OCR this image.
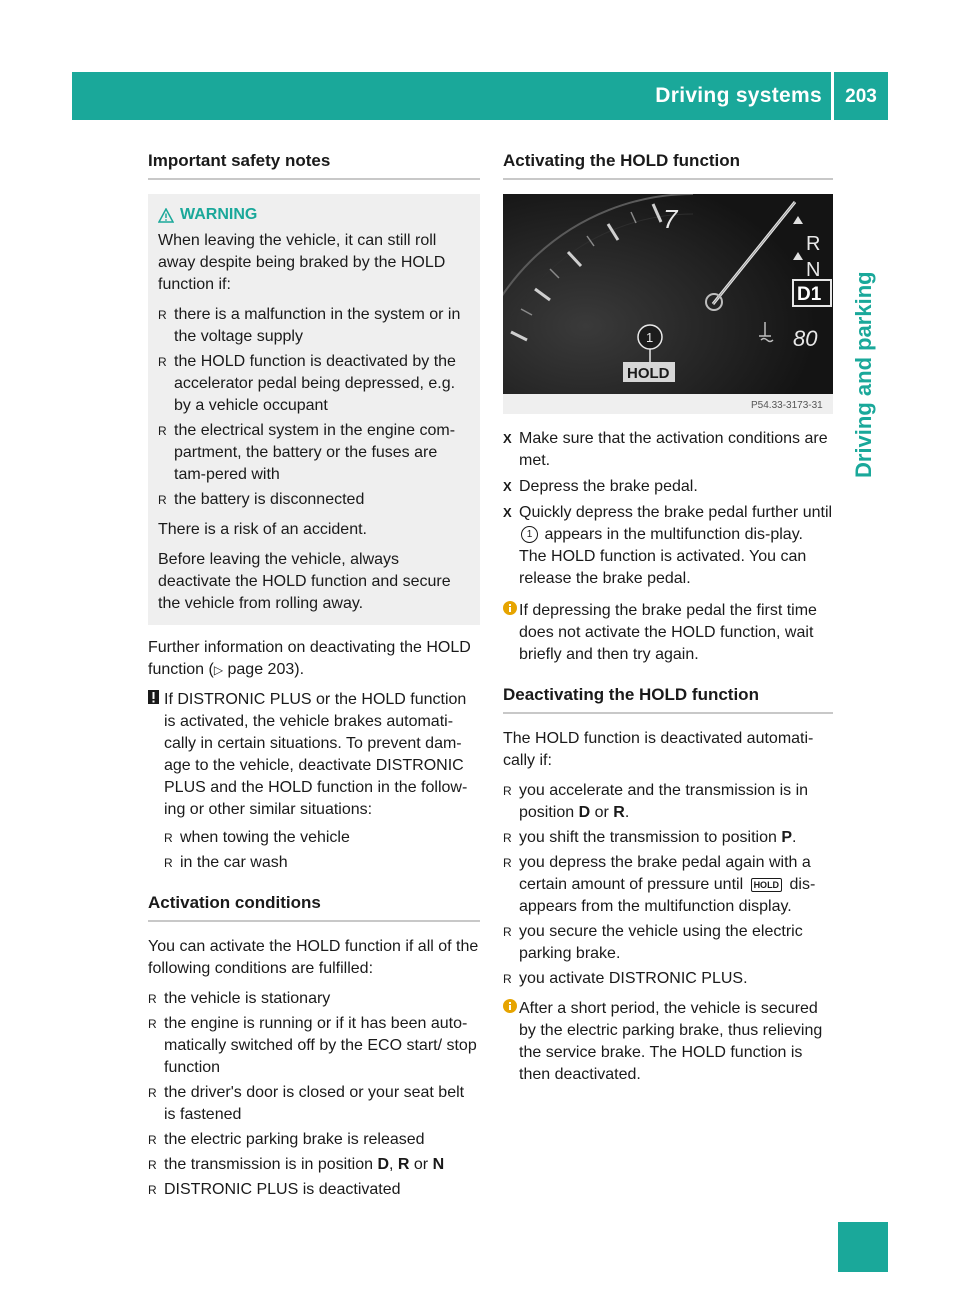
Driving systems	203
Driving and parking
Important safety notes
WARNING

When leaving the vehicle, it can still roll away despite being braked by the HOLD function if:

R there is a malfunction in the system or in the voltage supply
R the HOLD function is deactivated by the accelerator pedal being depressed, e.g. by a vehicle occupant
R the electrical system in the engine com-partment, the battery or the fuses are tam-pered with
R the battery is disconnected

There is a risk of an accident.

Before leaving the vehicle, always deactivate the HOLD function and secure the vehicle from rolling away.

Further information on deactivating the HOLD function (▷ page 203).

If DISTRONIC PLUS or the HOLD function is activated, the vehicle brakes automati-cally in certain situations. To prevent dam-age to the vehicle, deactivate DISTRONIC PLUS and the HOLD function in the follow-ing or other similar situations:

R when towing the vehicle
R in the car wash
Activation conditions

You can activate the HOLD function if all of the following conditions are fulfilled:

R the vehicle is stationary
R the engine is running or if it has been auto-matically switched off by the ECO start/ stop function
R the driver's door is closed or your seat belt is fastened
R the electric parking brake is released
R the transmission is in position D, R or N
R DISTRONIC PLUS is deactivated
Activating the HOLD function
7
R
N
D1
80
1
HOLD
P54.33-3173-31
X Make sure that the activation conditions are met.
X Depress the brake pedal.
X Quickly depress the brake pedal further until 1 appears in the multifunction dis-play.
The HOLD function is activated. You can release the brake pedal.
If depressing the brake pedal the first time does not activate the HOLD function, wait briefly and then try again.
Deactivating the HOLD function

The HOLD function is deactivated automati-cally if:

R you accelerate and the transmission is in position D or R.
R you shift the transmission to position P.
R you depress the brake pedal again with a certain amount of pressure until HOLD dis-appears from the multifunction display.
R you secure the vehicle using the electric parking brake.
R you activate DISTRONIC PLUS.
After a short period, the vehicle is secured by the electric parking brake, thus relieving the service brake. The HOLD function is then deactivated.
